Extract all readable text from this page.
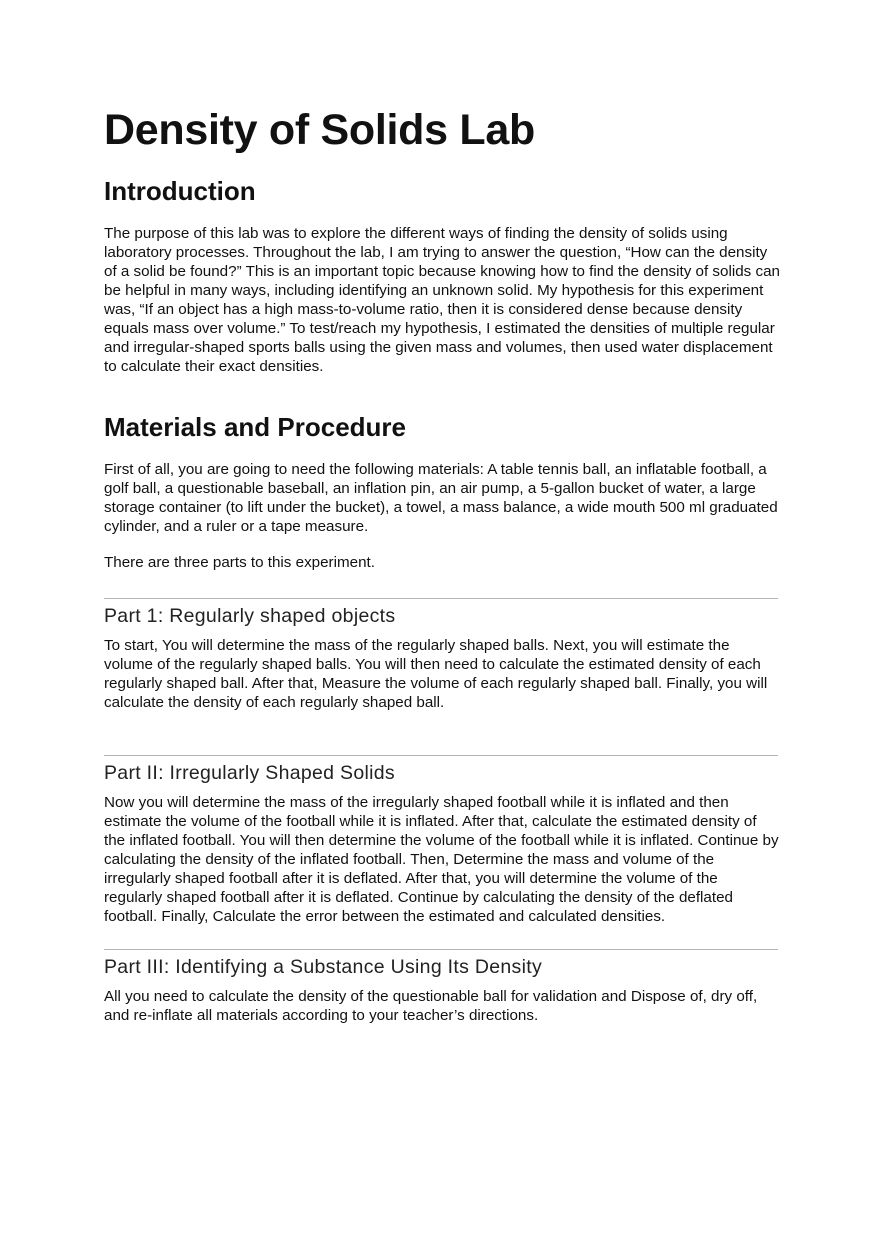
Density of Solids Lab
Introduction

The purpose of this lab was to explore the different ways of finding the density of solids using laboratory processes. Throughout the lab, I am trying to answer the question, “How can the density of a solid be found?” This is an important topic because knowing how to find the density of solids can be helpful in many ways, including identifying an unknown solid. My hypothesis for this experiment was, “If an object has a high mass-to-volume ratio, then it is considered dense because density equals mass over volume.” To test/reach my hypothesis, I estimated the densities of multiple regular and irregular-shaped sports balls using the given mass and volumes, then used water displacement to calculate their exact densities.

Materials and Procedure

First of all, you are going to need the following materials: A table tennis ball, an inflatable football, a golf ball, a questionable baseball, an inflation pin, an air pump, a 5-gallon bucket of water, a large storage container (to lift under the bucket), a towel, a mass balance, a wide mouth 500 ml graduated cylinder, and a ruler or a tape measure.

There are three parts to this experiment.

Part 1: Regularly shaped objects

To start, You will determine the mass of the regularly shaped balls. Next, you will estimate the volume of the regularly shaped balls. You will then need to calculate the estimated density of each regularly shaped ball. After that, Measure the volume of each regularly shaped ball. Finally, you will calculate the density of each regularly shaped ball.

Part II: Irregularly Shaped Solids

Now you will determine the mass of the irregularly shaped football while it is inflated and then estimate the volume of the football while it is inflated. After that, calculate the estimated density of the inflated football. You will then determine the volume of the football while it is inflated. Continue by calculating the density of the inflated football. Then, Determine the mass and volume of the irregularly shaped football after it is deflated. After that, you will determine the volume of the regularly shaped football after it is deflated. Continue by calculating the density of the deflated football. Finally, Calculate the error between the estimated and calculated densities.

Part III: Identifying a Substance Using Its Density

All you need to calculate the density of the questionable ball for validation and Dispose of, dry off, and re-inflate all materials according to your teacher’s directions.
